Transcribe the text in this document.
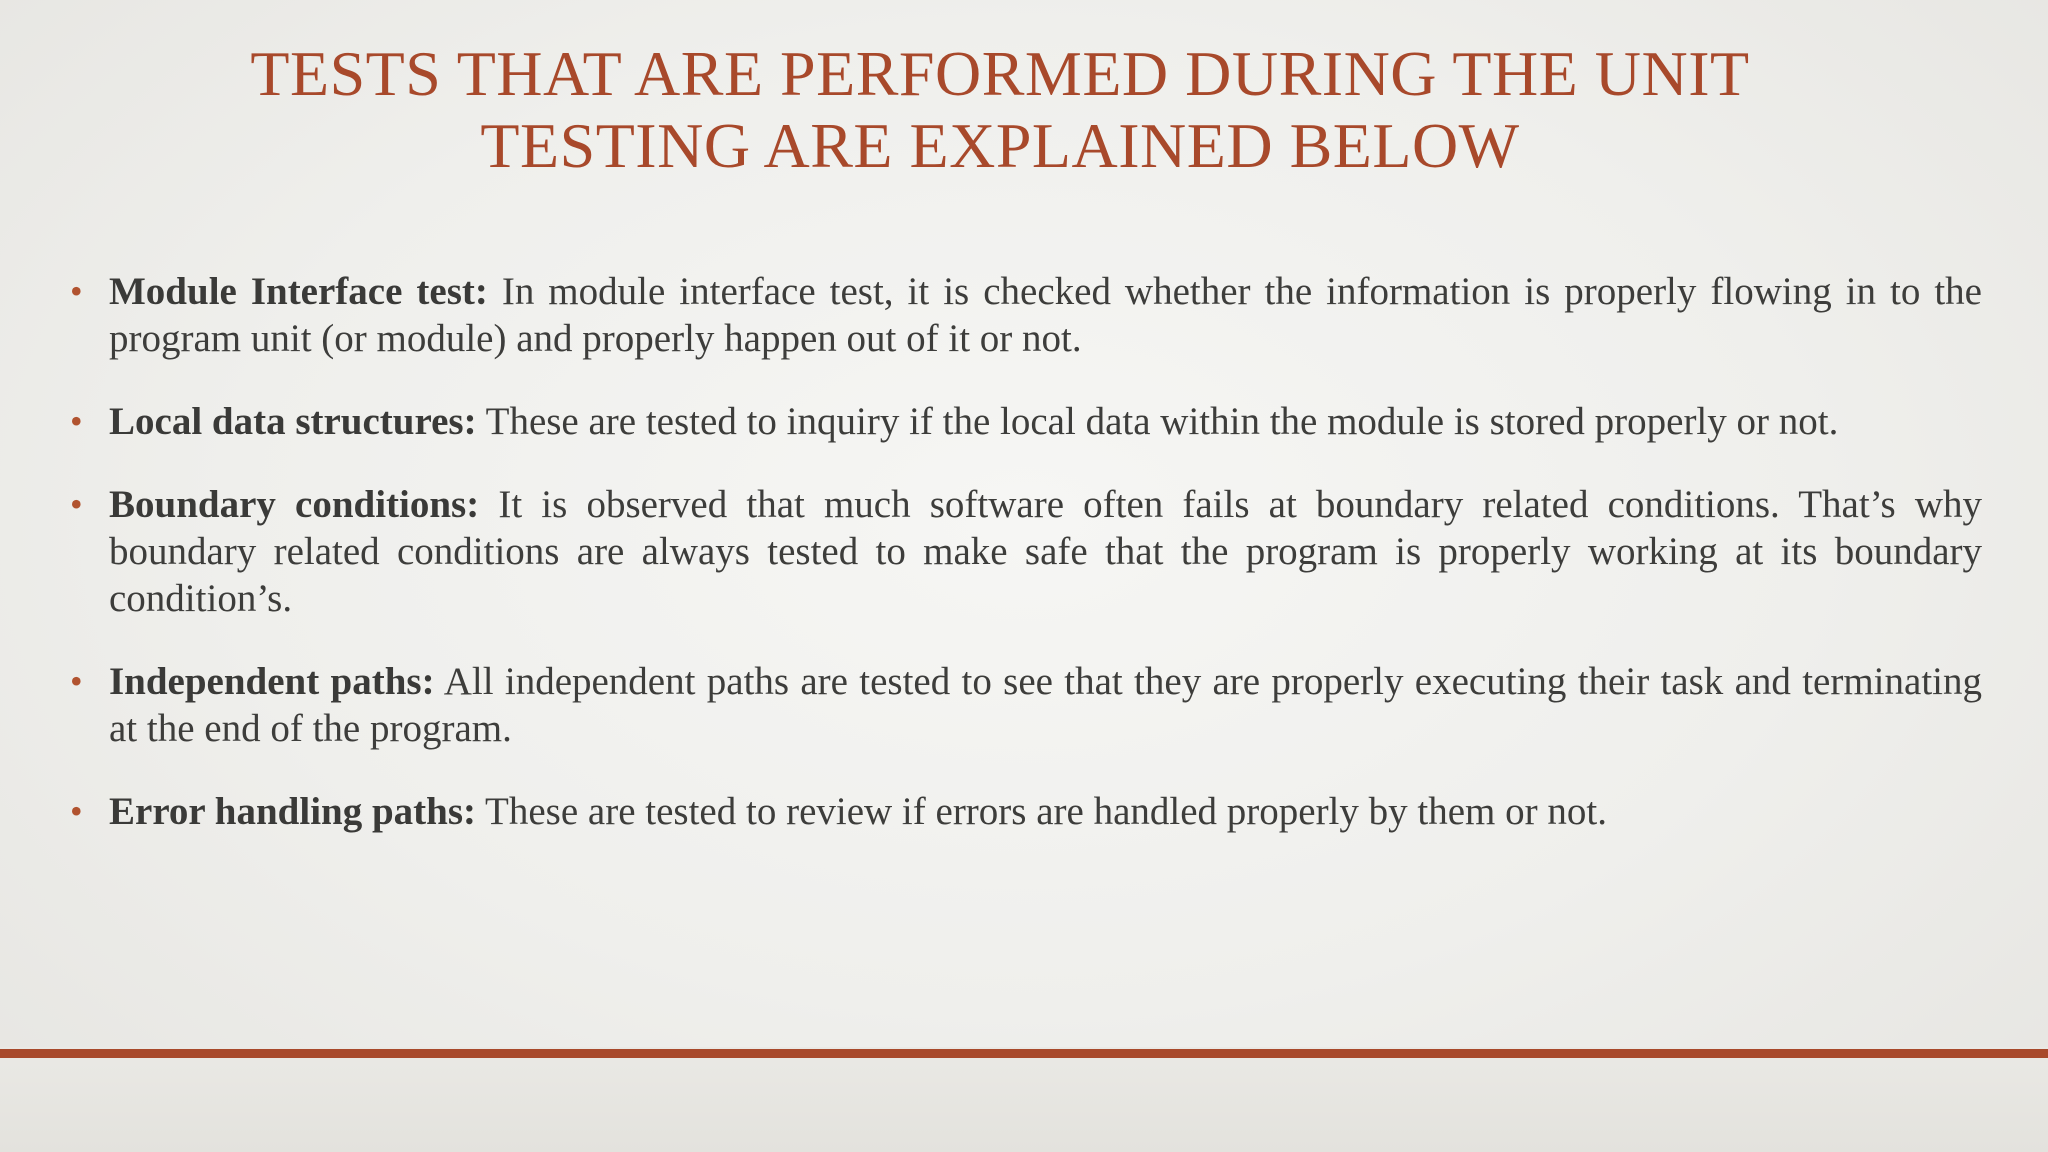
TESTS THAT ARE PERFORMED DURING THE UNIT TESTING ARE EXPLAINED BELOW
• Module Interface test: In module interface test, it is checked whether the information is properly flowing in to the program unit (or module) and properly happen out of it or not.
• Local data structures: These are tested to inquiry if the local data within the module is stored properly or not.
• Boundary conditions: It is observed that much software often fails at boundary related conditions. That’s why boundary related conditions are always tested to make safe that the program is properly working at its boundary condition’s.
• Independent paths: All independent paths are tested to see that they are properly executing their task and terminating at the end of the program.
• Error handling paths: These are tested to review if errors are handled properly by them or not.
